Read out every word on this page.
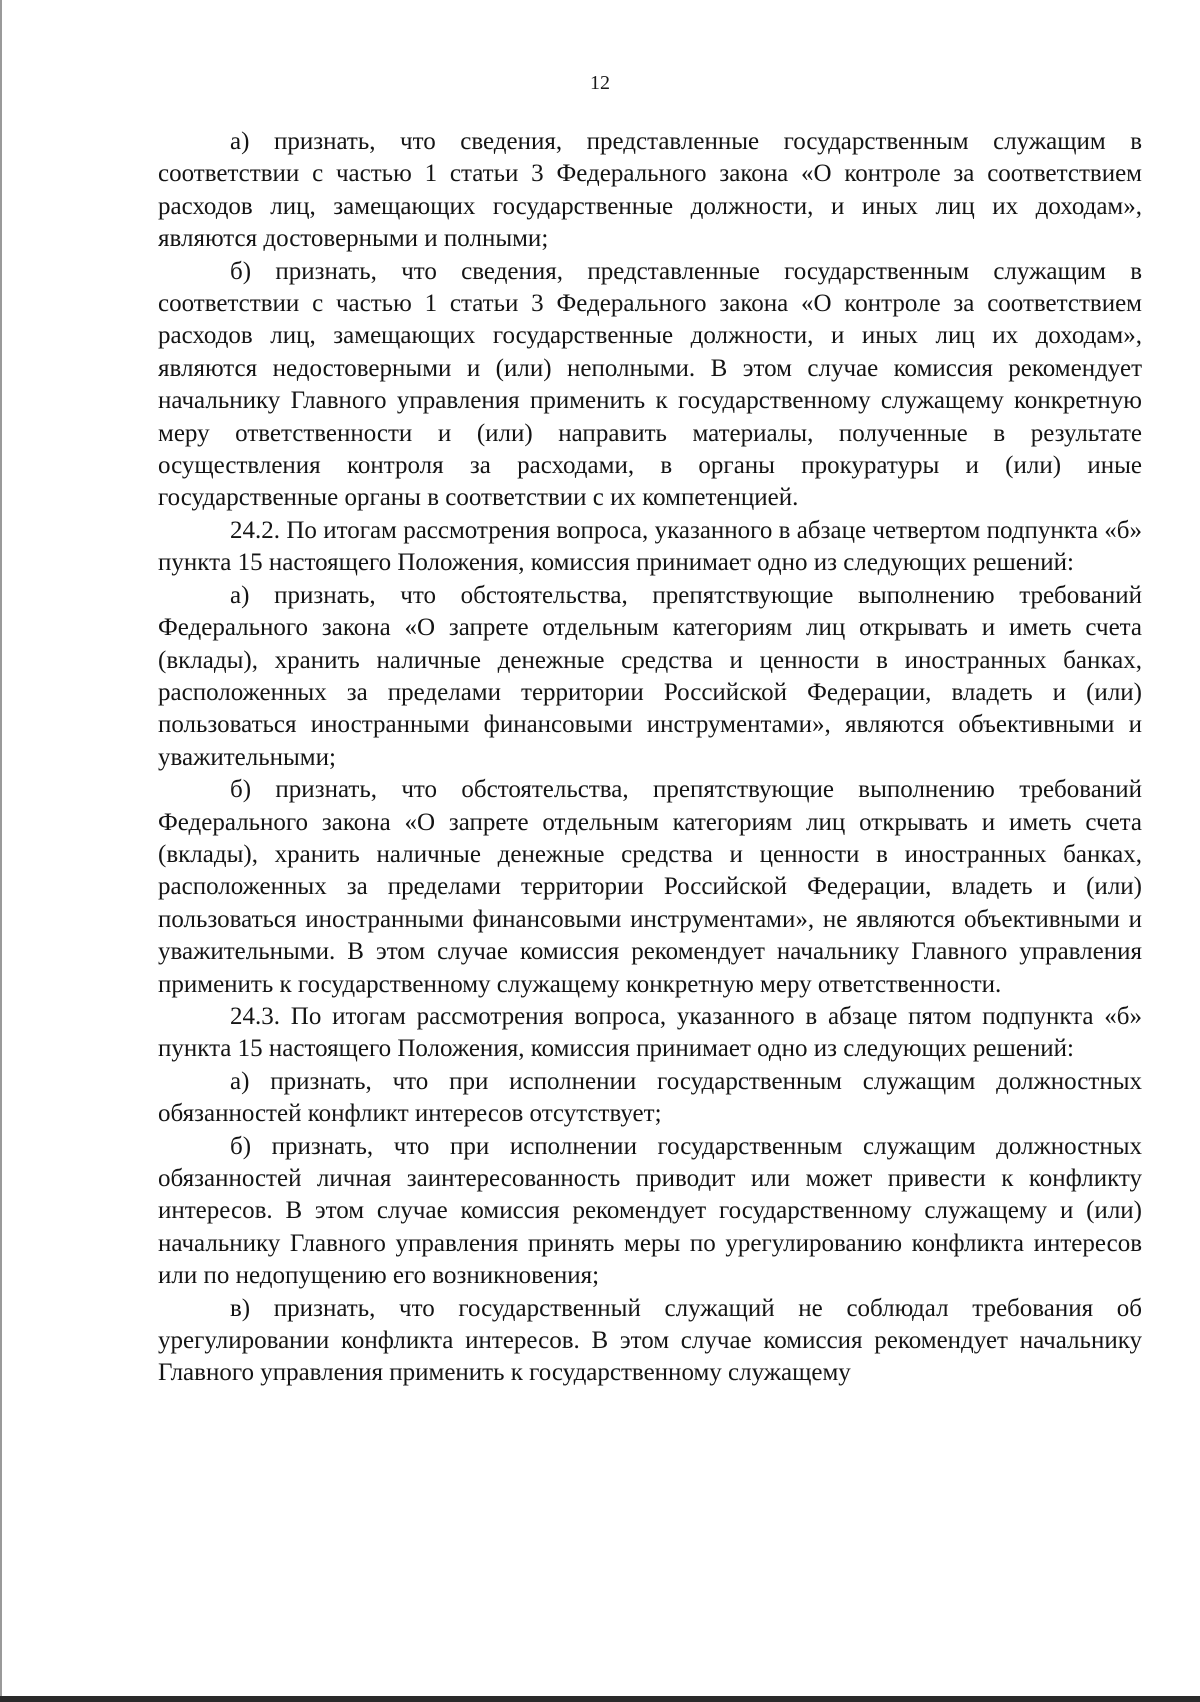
12

а) признать, что сведения, представленные государственным служащим в соответствии с частью 1 статьи 3 Федерального закона «О контроле за соответствием расходов лиц, замещающих государственные должности, и иных лиц их доходам», являются достоверными и полными;

б) признать, что сведения, представленные государственным служащим в соответствии с частью 1 статьи 3 Федерального закона «О контроле за соответствием расходов лиц, замещающих государственные должности, и иных лиц их доходам», являются недостоверными и (или) неполными. В этом случае комиссия рекомендует начальнику Главного управления применить к государственному служащему конкретную меру ответственности и (или) направить материалы, полученные в результате осуществления контроля за расходами, в органы прокуратуры и (или) иные государственные органы в соответствии с их компетенцией.

24.2. По итогам рассмотрения вопроса, указанного в абзаце четвертом подпункта «б» пункта 15 настоящего Положения, комиссия принимает одно из следующих решений:

а) признать, что обстоятельства, препятствующие выполнению требований Федерального закона «О запрете отдельным категориям лиц открывать и иметь счета (вклады), хранить наличные денежные средства и ценности в иностранных банках, расположенных за пределами территории Российской Федерации, владеть и (или) пользоваться иностранными финансовыми инструментами», являются объективными и уважительными;

б) признать, что обстоятельства, препятствующие выполнению требований Федерального закона «О запрете отдельным категориям лиц открывать и иметь счета (вклады), хранить наличные денежные средства и ценности в иностранных банках, расположенных за пределами территории Российской Федерации, владеть и (или) пользоваться иностранными финансовыми инструментами», не являются объективными и уважительными. В этом случае комиссия рекомендует начальнику Главного управления применить к государственному служащему конкретную меру ответственности.

24.3. По итогам рассмотрения вопроса, указанного в абзаце пятом подпункта «б» пункта 15 настоящего Положения, комиссия принимает одно из следующих решений:

а) признать, что при исполнении государственным служащим должностных обязанностей конфликт интересов отсутствует;

б) признать, что при исполнении государственным служащим должностных обязанностей личная заинтересованность приводит или может привести к конфликту интересов. В этом случае комиссия рекомендует государственному служащему и (или) начальнику Главного управления принять меры по урегулированию конфликта интересов или по недопущению его возникновения;

в) признать, что государственный служащий не соблюдал требования об урегулировании конфликта интересов. В этом случае комиссия рекомендует начальнику Главного управления применить к государственному служащему
